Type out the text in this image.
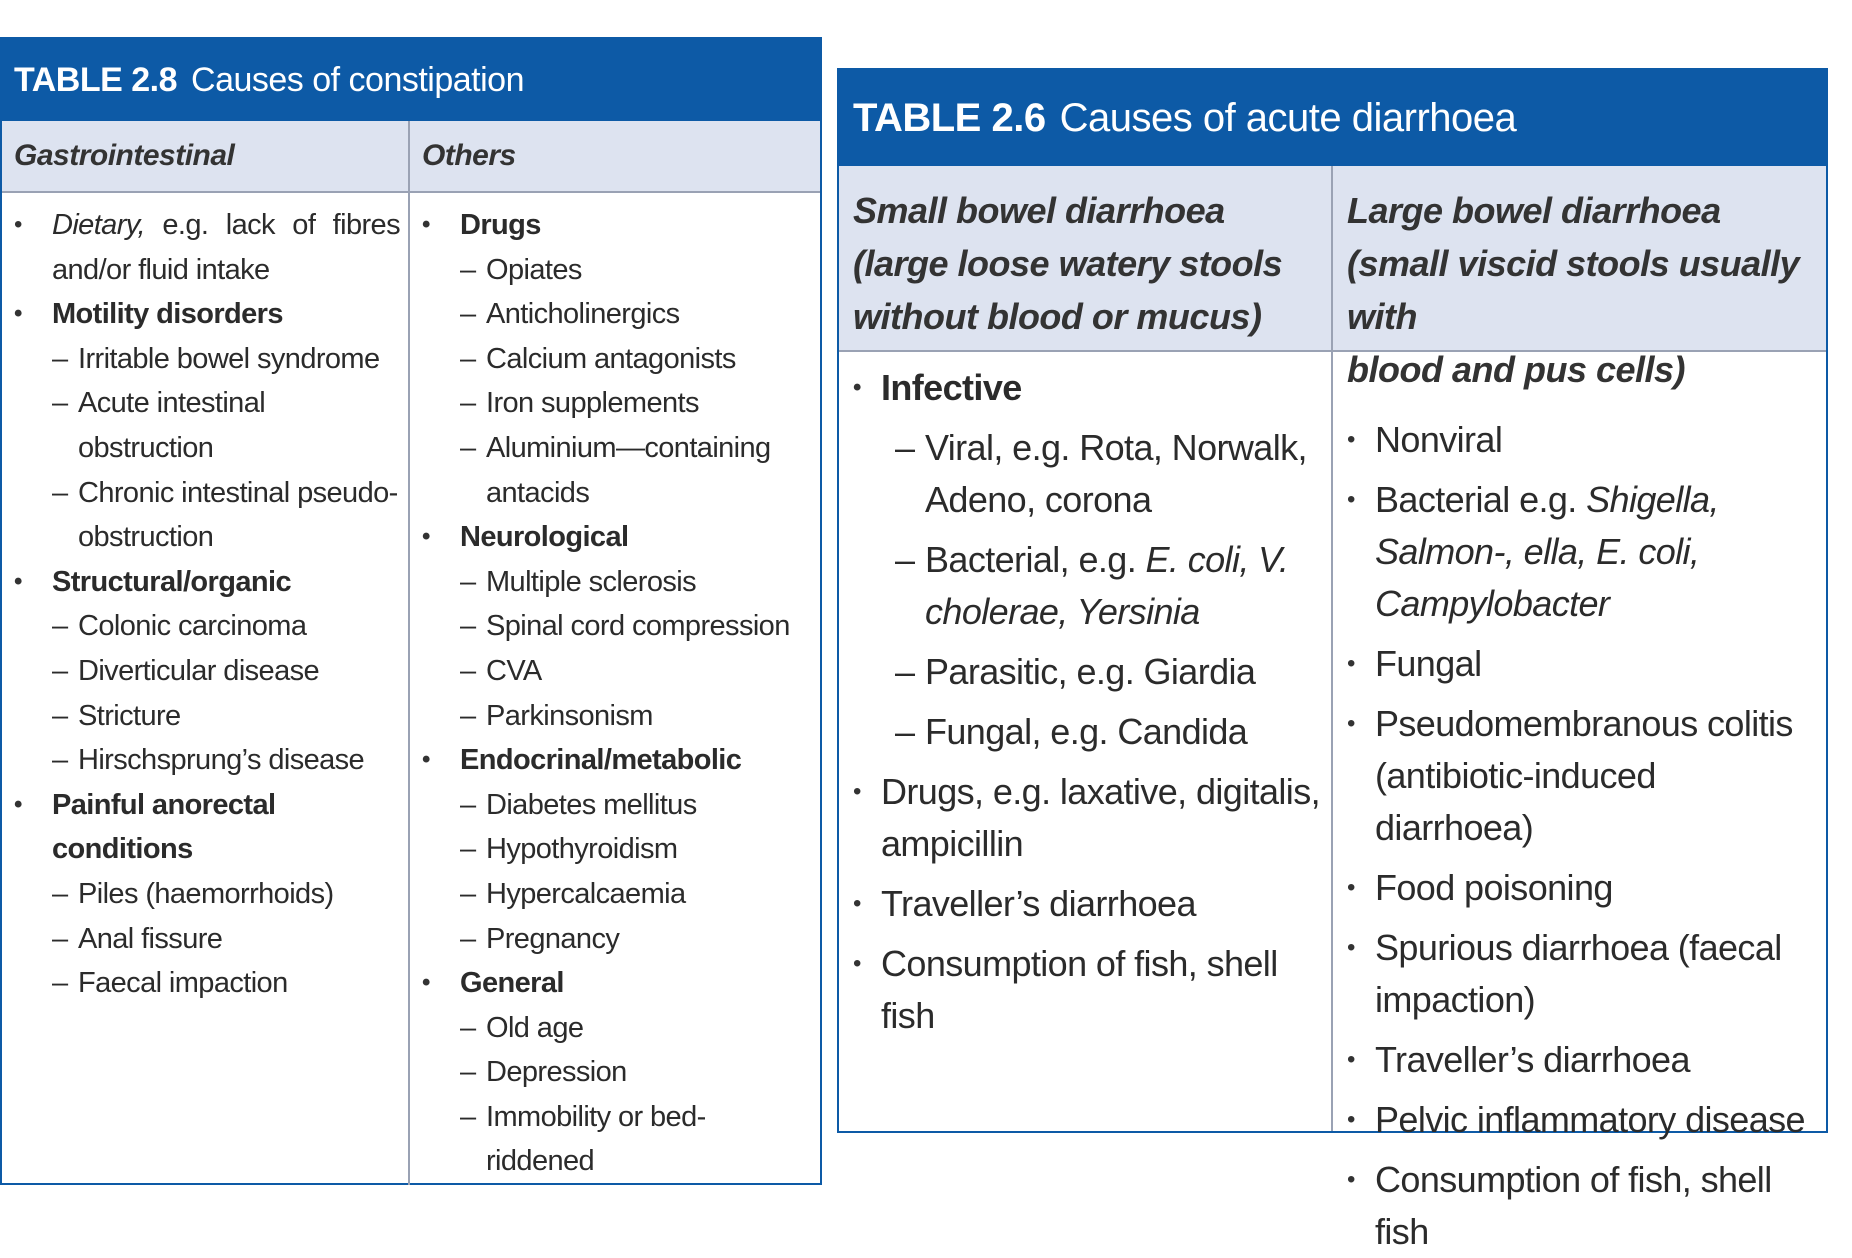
TABLE 2.8 Causes of constipation
Gastrointestinal	Others
• Dietary, e.g. lack of fibres and/or fluid intake
• Motility disorders
– Irritable bowel syndrome
– Acute intestinal obstruction
– Chronic intestinal pseudo-obstruction
• Structural/organic
– Colonic carcinoma
– Diverticular disease
– Stricture
– Hirschsprung’s disease
• Painful anorectal conditions
– Piles (haemorrhoids)
– Anal fissure
– Faecal impaction
• Drugs
– Opiates
– Anticholinergics
– Calcium antagonists
– Iron supplements
– Aluminium—containing antacids
• Neurological
– Multiple sclerosis
– Spinal cord compression
– CVA
– Parkinsonism
• Endocrinal/metabolic
– Diabetes mellitus
– Hypothyroidism
– Hypercalcaemia
– Pregnancy
• General
– Old age
– Depression
– Immobility or bed-riddened
TABLE 2.6 Causes of acute diarrhoea
Small bowel diarrhoea
(large loose watery stools
without blood or mucus)
Large bowel diarrhoea
(small viscid stools usually with
blood and pus cells)
• Infective
– Viral, e.g. Rota, Norwalk, Adeno, corona
– Bacterial, e.g. E. coli, V. cholerae, Yersinia
– Parasitic, e.g. Giardia
– Fungal, e.g. Candida
• Drugs, e.g. laxative, digitalis, ampicillin
• Traveller’s diarrhoea
• Consumption of fish, shell fish
• Nonviral
• Bacterial e.g. Shigella, Salmon-, ella, E. coli, Campylobacter
• Fungal
• Pseudomembranous colitis (antibiotic-induced diarrhoea)
• Food poisoning
• Spurious diarrhoea (faecal impaction)
• Traveller’s diarrhoea
• Pelvic inflammatory disease
• Consumption of fish, shell fish
